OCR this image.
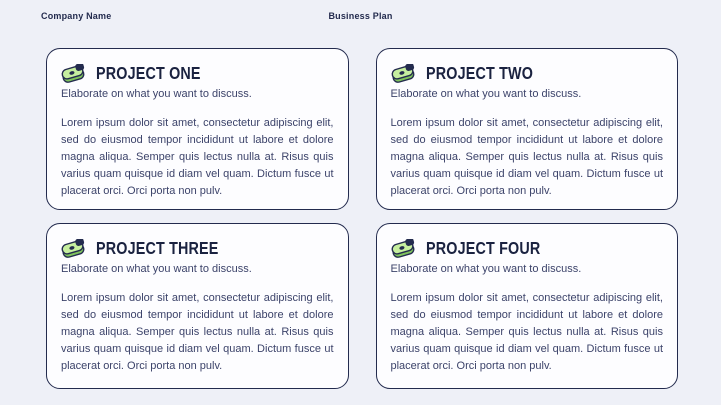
Company Name	Business Plan
PROJECT ONE
Elaborate on what you want to discuss.
Lorem ipsum dolor sit amet, consectetur adipiscing elit, sed do eiusmod tempor incididunt ut labore et dolore magna aliqua. Semper quis lectus nulla at. Risus quis varius quam quisque id diam vel quam. Dictum fusce ut placerat orci. Orci porta non pulv.
PROJECT TWO
Elaborate on what you want to discuss.
Lorem ipsum dolor sit amet, consectetur adipiscing elit, sed do eiusmod tempor incididunt ut labore et dolore magna aliqua. Semper quis lectus nulla at. Risus quis varius quam quisque id diam vel quam. Dictum fusce ut placerat orci. Orci porta non pulv.
PROJECT THREE
Elaborate on what you want to discuss.
Lorem ipsum dolor sit amet, consectetur adipiscing elit, sed do eiusmod tempor incididunt ut labore et dolore magna aliqua. Semper quis lectus nulla at. Risus quis varius quam quisque id diam vel quam. Dictum fusce ut placerat orci. Orci porta non pulv.
PROJECT FOUR
Elaborate on what you want to discuss.
Lorem ipsum dolor sit amet, consectetur adipiscing elit, sed do eiusmod tempor incididunt ut labore et dolore magna aliqua. Semper quis lectus nulla at. Risus quis varius quam quisque id diam vel quam. Dictum fusce ut placerat orci. Orci porta non pulv.
